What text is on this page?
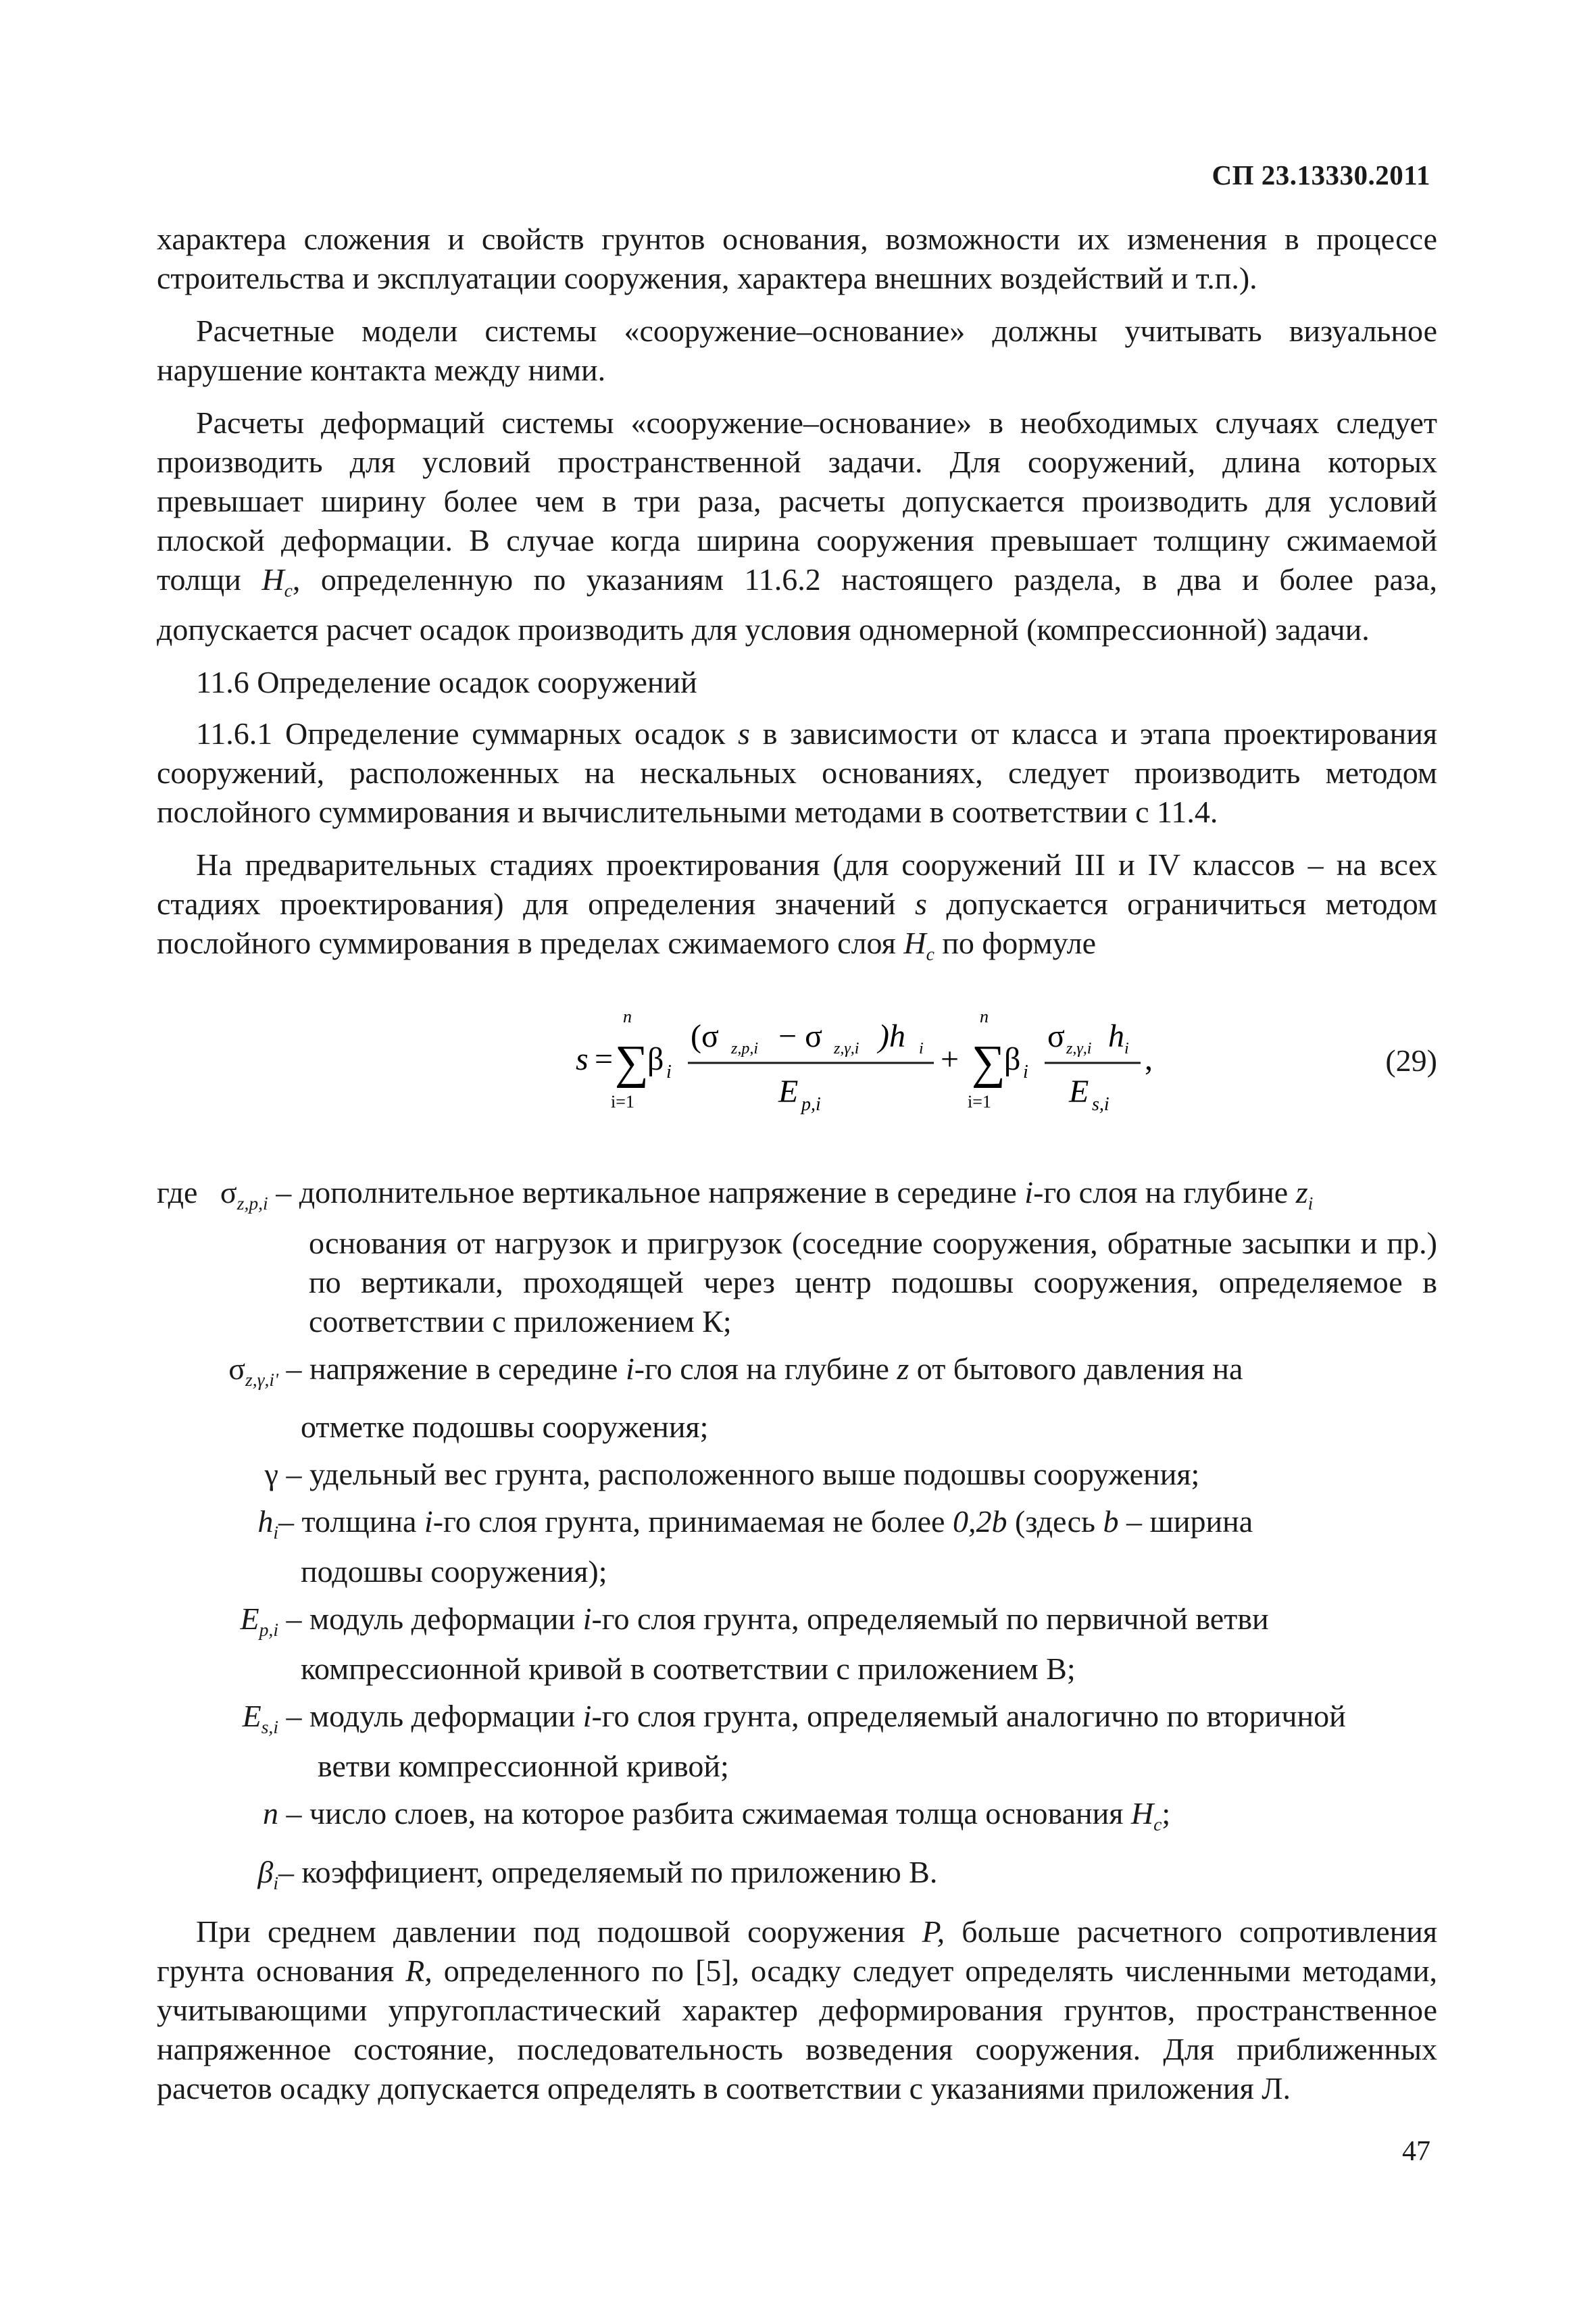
СП 23.13330.2011

характера сложения и свойств грунтов основания, возможности их изменения в процессе строительства и эксплуатации сооружения, характера внешних воздействий и т.п.).

Расчетные модели системы «сооружение–основание» должны учитывать визуальное нарушение контакта между ними.

Расчеты деформаций системы «сооружение–основание» в необходимых случаях следует производить для условий пространственной задачи. Для сооружений, длина которых превышает ширину более чем в три раза, расчеты допускается производить для условий плоской деформации. В случае когда ширина сооружения превышает толщину сжимаемой толщи $H_c$, определенную по указаниям 11.6.2 настоящего раздела, в два и более раза, допускается расчет осадок производить для условия одномерной (компрессионной) задачи.

11.6 Определение осадок сооружений

11.6.1 Определение суммарных осадок s в зависимости от класса и этапа проектирования сооружений, расположенных на нескальных основаниях, следует производить методом послойного суммирования и вычислительными методами в соответствии с 11.4.

На предварительных стадиях проектирования (для сооружений III и IV классов – на всех стадиях проектирования) для определения значений s допускается ограничиться методом послойного суммирования в пределах сжимаемого слоя $H_c$ по формуле

s =
n
∑
i=1
β i
(σ z,p,i − σ z,γ,i )h i
E p,i
+
n
∑
i=1
β i
σ z,γ,i h i
E s,i
,	(29)
где $\sigma_{z,p,i}$ – дополнительное вертикальное напряжение в середине i-го слоя на глубине $z_i$
основания от нагрузок и пригрузок (соседние сооружения, обратные засыпки и пр.) по вертикали, проходящей через центр подошвы сооружения, определяемое в соответствии с приложением К;
$\sigma_{z,\gamma,i'}$ – напряжение в середине i-го слоя на глубине z от бытового давления на
отметке подошвы сооружения;
γ – удельный вес грунта, расположенного выше подошвы сооружения;
$h_i-$ толщина i-го слоя грунта, принимаемая не более 0,2b (здесь b – ширина
подошвы сооружения);
$E_{p,i}$ – модуль деформации i-го слоя грунта, определяемый по первичной ветви
компрессионной кривой в соответствии с приложением В;
$E_{s,i}$ – модуль деформации i-го слоя грунта, определяемый аналогично по вторичной
ветви компрессионной кривой;
n – число слоев, на которое разбита сжимаемая толща основания $H_c$;
$\beta_i-$ коэффициент, определяемый по приложению В.

При среднем давлении под подошвой сооружения P, больше расчетного сопротивления грунта основания R, определенного по [5], осадку следует определять численными методами, учитывающими упругопластический характер деформирования грунтов, пространственное напряженное состояние, последовательность возведения сооружения. Для приближенных расчетов осадку допускается определять в соответствии с указаниями приложения Л.

47
